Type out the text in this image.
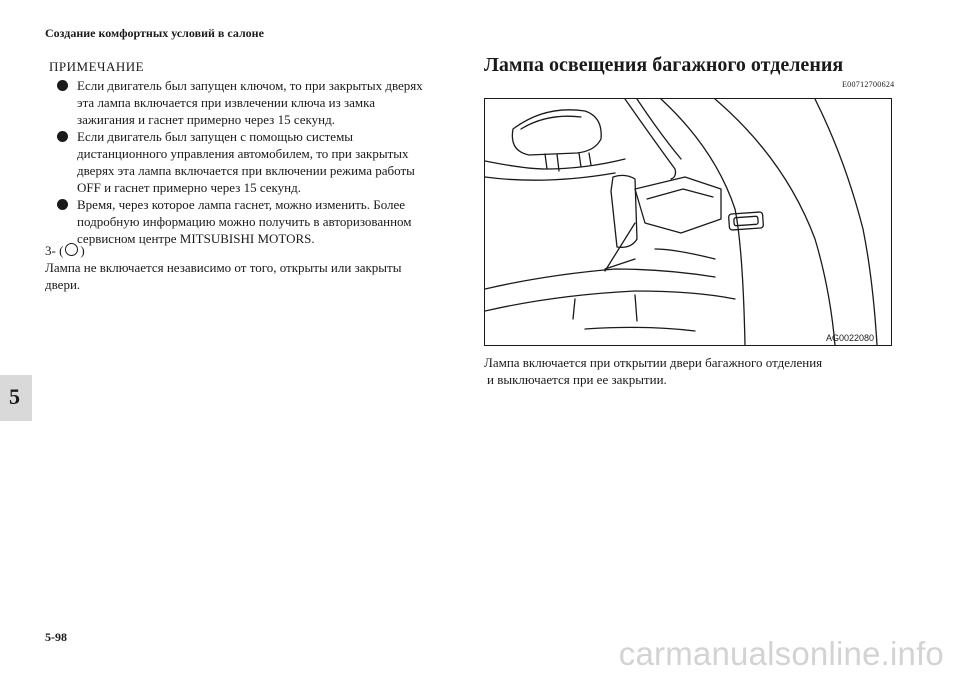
Создание комфортных условий в салоне
ПРИМЕЧАНИЕ
Если двигатель был запущен ключом, то при закрытых дверях
эта лампа включается при извлечении ключа из замка
зажигания и гаснет примерно через 15 секунд.
Если двигатель был запущен с помощью системы
дистанционного управления автомобилем, то при закрытых
дверях эта лампа включается при включении режима работы
OFF и гаснет примерно через 15 секунд.
Время, через которое лампа гаснет, можно изменить. Более
подробную информацию можно получить в авторизованном
сервисном центре MITSUBISHI MOTORS.
3- ( )
Лампа не включается независимо от того, открыты или закрыты
двери.
5
Лампа освещения багажного отделения
E00712700624
AG0022080
Лампа включается при открытии двери багажного отделения
и выключается при ее закрытии.
5-98	carmanualsonline.info
